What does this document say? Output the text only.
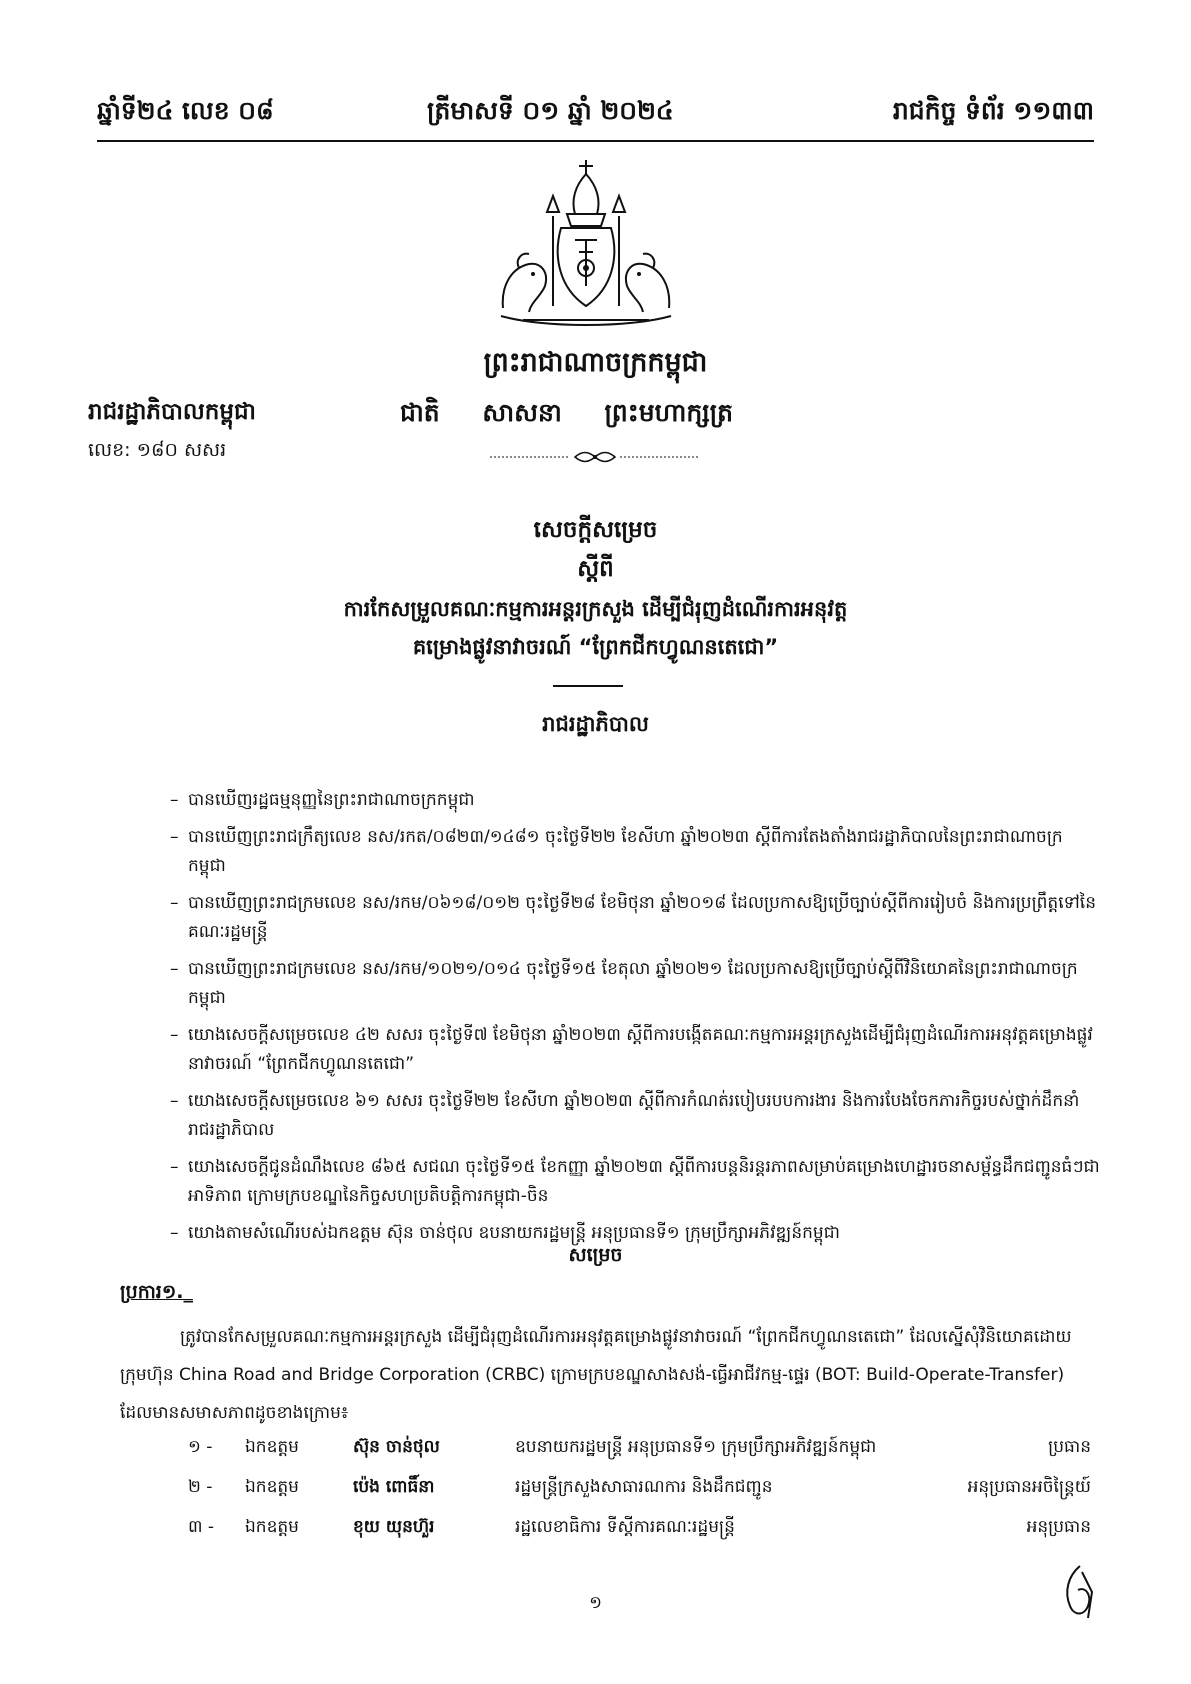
ឆ្នាំទី២៤ លេខ ០៨	ត្រីមាសទី ០១ ឆ្នាំ ២០២៤	រាជកិច្ច ទំព័រ ១១៣៣
ព្រះរាជាណាចក្រកម្ពុជា
ជាតិ សាសនា ព្រះមហាក្សត្រ
រាជរដ្ឋាភិបាលកម្ពុជា
លេខ: ១៨០ សសរ
សេចក្តីសម្រេច
ស្តីពី
ការកែសម្រួលគណៈកម្មការអន្តរក្រសួង ដើម្បីជំរុញដំណើរការអនុវត្ត
គម្រោងផ្លូវនាវាចរណ៍ “ព្រែកជីកហ្វូណនតេជោ”
រាជរដ្ឋាភិបាល
– បានឃើញរដ្ឋធម្មនុញ្ញនៃព្រះរាជាណាចក្រកម្ពុជា
– បានឃើញព្រះរាជក្រឹត្យលេខ នស/រកត/០៨២៣/១៤៨១ ចុះថ្ងៃទី២២ ខែសីហា ឆ្នាំ២០២៣ ស្តីពីការតែងតាំងរាជរដ្ឋាភិបាលនៃព្រះរាជាណាចក្រកម្ពុជា
– បានឃើញព្រះរាជក្រមលេខ នស/រកម/០៦១៨/០១២ ចុះថ្ងៃទី២៨ ខែមិថុនា ឆ្នាំ២០១៨ ដែលប្រកាសឱ្យប្រើច្បាប់ស្តីពីការរៀបចំ និងការប្រព្រឹត្តទៅនៃគណៈរដ្ឋមន្ត្រី
– បានឃើញព្រះរាជក្រមលេខ នស/រកម/១០២១/០១៤ ចុះថ្ងៃទី១៥ ខែតុលា ឆ្នាំ២០២១ ដែលប្រកាសឱ្យប្រើច្បាប់ស្តីពីវិនិយោគនៃព្រះរាជាណាចក្រកម្ពុជា
– យោងសេចក្តីសម្រេចលេខ ៤២ សសរ ចុះថ្ងៃទី៧ ខែមិថុនា ឆ្នាំ២០២៣ ស្តីពីការបង្កើតគណៈកម្មការអន្តរក្រសួងដើម្បីជំរុញដំណើរការអនុវត្តគម្រោងផ្លូវនាវាចរណ៍ “ព្រែកជីកហ្វូណនតេជោ”
– យោងសេចក្តីសម្រេចលេខ ៦១ សសរ ចុះថ្ងៃទី២២ ខែសីហា ឆ្នាំ២០២៣ ស្តីពីការកំណត់របៀបរបបការងារ និងការបែងចែកភារកិច្ចរបស់ថ្នាក់ដឹកនាំរាជរដ្ឋាភិបាល
– យោងសេចក្តីជូនដំណឹងលេខ ៨៦៥ សជណ ចុះថ្ងៃទី១៥ ខែកញ្ញា ឆ្នាំ២០២៣ ស្តីពីការបន្តនិរន្តរភាពសម្រាប់គម្រោងហេដ្ឋារចនាសម្ព័ន្ធដឹកជញ្ជូនធំៗជាអាទិភាព ក្រោមក្របខណ្ឌនៃកិច្ចសហប្រតិបត្តិការកម្ពុជា-ចិន
– យោងតាមសំណើរបស់ឯកឧត្តម ស៊ុន ចាន់ថុល ឧបនាយករដ្ឋមន្ត្រី អនុប្រធានទី១ ក្រុមប្រឹក្សាអភិវឌ្ឍន៍កម្ពុជា
សម្រេច
ប្រការ១._
ត្រូវបានកែសម្រួលគណៈកម្មការអន្តរក្រសួង ដើម្បីជំរុញដំណើរការអនុវត្តគម្រោងផ្លូវនាវាចរណ៍ “ព្រែកជីកហ្វូណនតេជោ” ដែលស្នើសុំវិនិយោគដោយក្រុមហ៊ុន China Road and Bridge Corporation (CRBC) ក្រោមក្របខណ្ឌសាងសង់-ធ្វើអាជីវកម្ម-ផ្ទេរ (BOT: Build-Operate-Transfer) ដែលមានសមាសភាពដូចខាងក្រោម៖
១ - ឯកឧត្តម	ស៊ុន ចាន់ថុល	ឧបនាយករដ្ឋមន្ត្រី អនុប្រធានទី១ ក្រុមប្រឹក្សាអភិវឌ្ឍន៍កម្ពុជា	ប្រធាន
២ - ឯកឧត្តម	ប៉េង ពោធិ៍នា	រដ្ឋមន្ត្រីក្រសួងសាធារណការ និងដឹកជញ្ជូន	អនុប្រធានអចិន្ត្រៃយ៍
៣ - ឯកឧត្តម	ខុយ យុនហ៊ួរ	រដ្ឋលេខាធិការ ទីស្តីការគណៈរដ្ឋមន្ត្រី	អនុប្រធាន
១
